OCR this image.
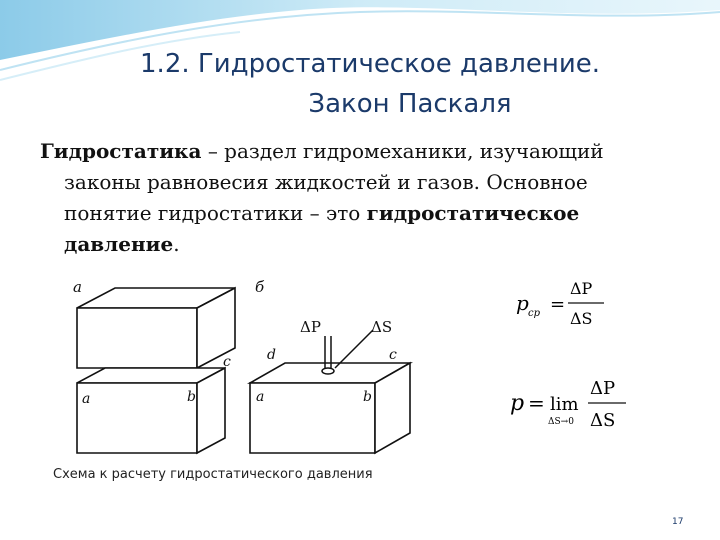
1.2. Гидростатическое давление.
Закон Паскаля
Гидростатика – раздел гидромеханики, изучающий
законы равновесия жидкостей и газов. Основное
понятие гидростатики – это гидростатическое
давление.
a	б
ΔP	ΔS
c	d	c
a	b	a	b
Схема к расчету гидростатического давления
p ср =
ΔP
ΔS
p = lim
ΔS→0
ΔP
ΔS
17
